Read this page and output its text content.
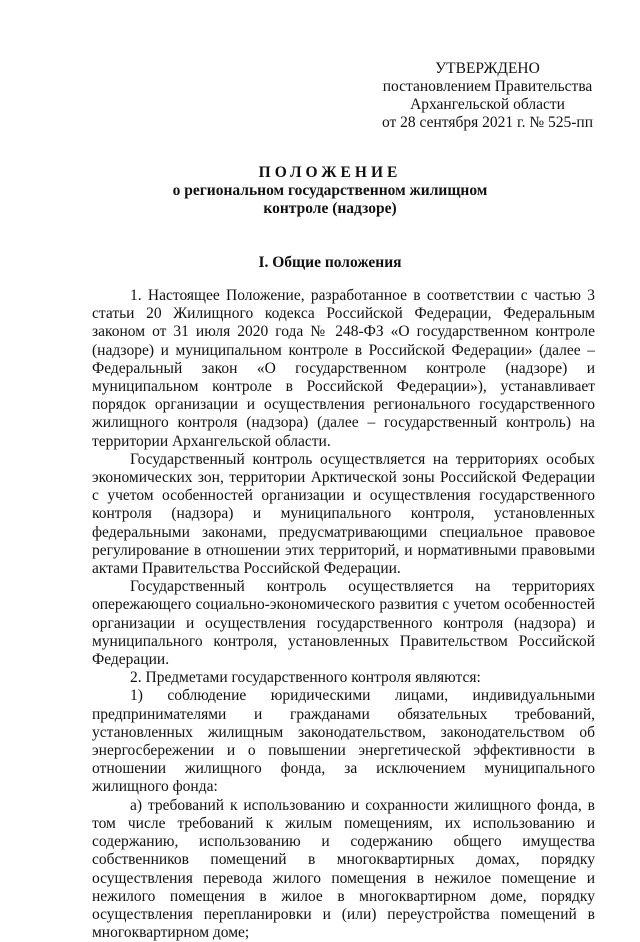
УТВЕРЖДЕНО
постановлением Правительства
Архангельской области
от 28 сентября 2021 г. № 525-пп
ПОЛОЖЕНИЕ
о региональном государственном жилищном
контроле (надзоре)
I. Общие положения

1. Настоящее Положение, разработанное в соответствии с частью 3 статьи 20 Жилищного кодекса Российской Федерации, Федеральным законом от 31 июля 2020 года № 248-ФЗ «О государственном контроле (надзоре) и муниципальном контроле в Российской Федерации» (далее – Федеральный закон «О государственном контроле (надзоре) и муниципальном контроле в Российской Федерации»), устанавливает порядок организации и осуществления регионального государственного жилищного контроля (надзора) (далее – государственный контроль) на территории Архангельской области.

Государственный контроль осуществляется на территориях особых экономических зон, территории Арктической зоны Российской Федерации с учетом особенностей организации и осуществления государственного контроля (надзора) и муниципального контроля, установленных федеральными законами, предусматривающими специальное правовое регулирование в отношении этих территорий, и нормативными правовыми актами Правительства Российской Федерации.

Государственный контроль осуществляется на территориях опережающего социально-экономического развития с учетом особенностей организации и осуществления государственного контроля (надзора) и муниципального контроля, установленных Правительством Российской Федерации.

2. Предметами государственного контроля являются:

1) соблюдение юридическими лицами, индивидуальными предпринимателями и гражданами обязательных требований, установленных жилищным законодательством, законодательством об энергосбережении и о повышении энергетической эффективности в отношении жилищного фонда, за исключением муниципального жилищного фонда:

а) требований к использованию и сохранности жилищного фонда, в том числе требований к жилым помещениям, их использованию и содержанию, использованию и содержанию общего имущества собственников помещений в многоквартирных домах, порядку осуществления перевода жилого помещения в нежилое помещение и нежилого помещения в жилое в многоквартирном доме, порядку осуществления перепланировки и (или) переустройства помещений в многоквартирном доме;
